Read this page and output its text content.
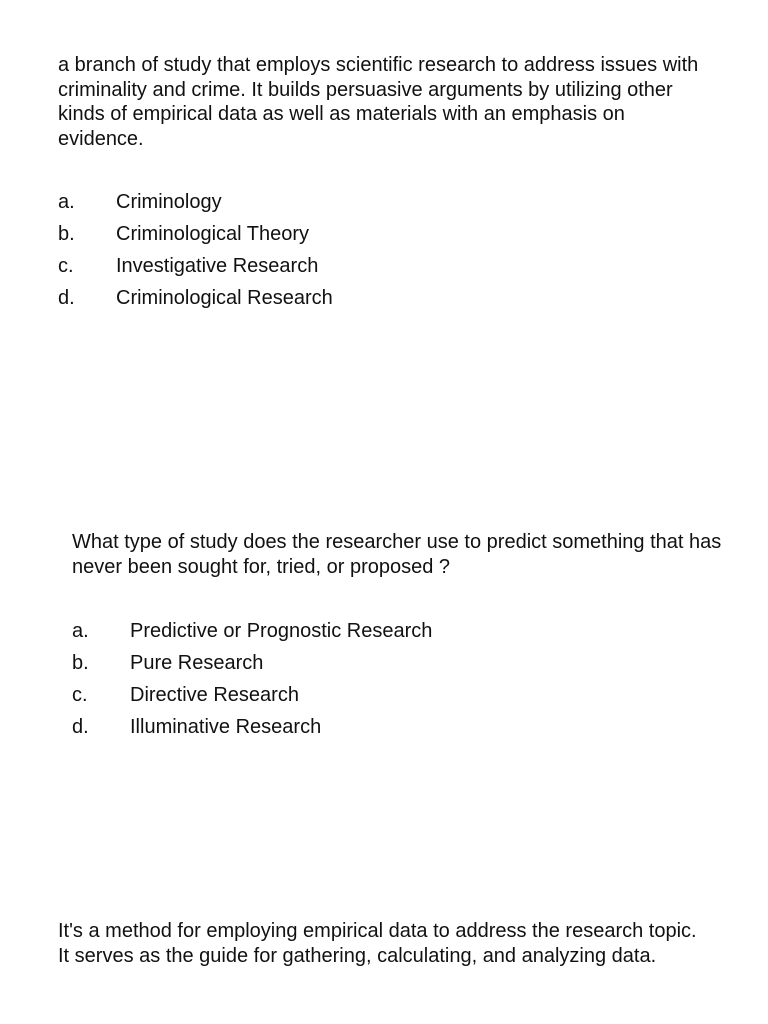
a branch of study that employs scientific research to address issues with criminality and crime. It builds persuasive arguments by utilizing other kinds of empirical data as well as materials with an emphasis on evidence.

a.	Criminology
b.	Criminological Theory
c.	Investigative Research
d.	Criminological Research

What type of study does the researcher use to predict something that has never been sought for, tried, or proposed ?

a.	Predictive or Prognostic Research
b.	Pure Research
c.	Directive Research
d.	Illuminative Research

It's a method for employing empirical data to address the research topic. It serves as the guide for gathering, calculating, and analyzing data.
